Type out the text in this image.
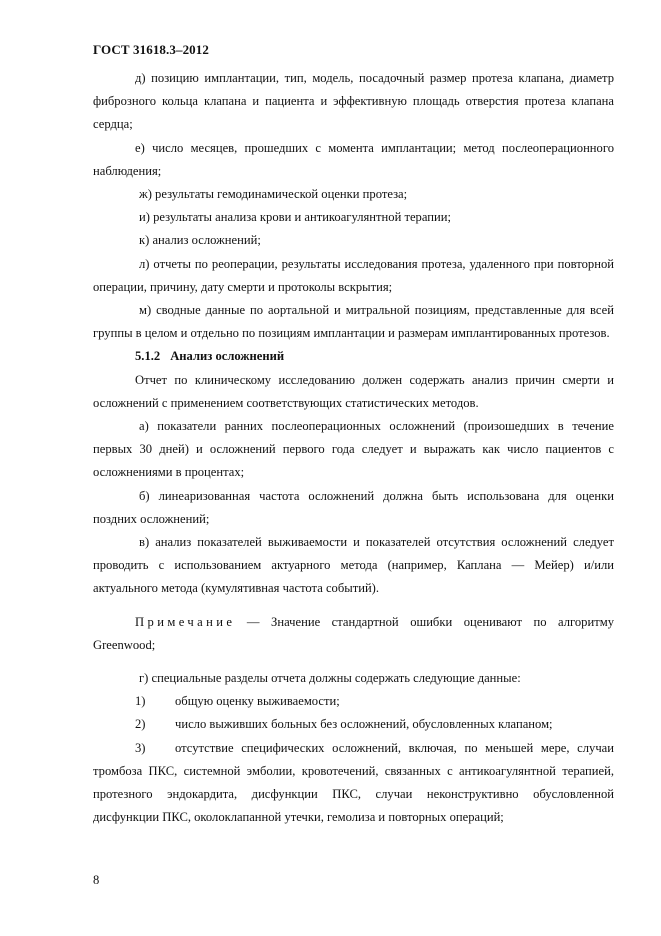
ГОСТ 31618.3–2012

д) позицию имплантации, тип, модель, посадочный размер протеза клапана, диаметр фиброзного кольца клапана и пациента и эффективную площадь отверстия протеза клапана сердца;

е) число месяцев, прошедших с момента имплантации; метод послеоперационного наблюдения;

ж) результаты гемодинамической оценки протеза;

и) результаты анализа крови и антикоагулянтной терапии;

к) анализ осложнений;

л) отчеты по реоперации, результаты исследования протеза, удаленного при повторной операции, причину, дату смерти и протоколы вскрытия;

м) сводные данные по аортальной и митральной позициям, представленные для всей группы в целом и отдельно по позициям имплантации и размерам имплантированных протезов.

5.1.2 Анализ осложнений

Отчет по клиническому исследованию должен содержать анализ причин смерти и осложнений с применением соответствующих статистических методов.

а) показатели ранних послеоперационных осложнений (произошедших в течение первых 30 дней) и осложнений первого года следует и выражать как число пациентов с осложнениями в процентах;

б) линеаризованная частота осложнений должна быть использована для оценки поздних осложнений;

в) анализ показателей выживаемости и показателей отсутствия осложнений следует проводить с использованием актуарного метода (например, Каплана — Мейер) и/или актуального метода (кумулятивная частота событий).

Примечание — Значение стандартной ошибки оценивают по алгоритму Greenwood;

г) специальные разделы отчета должны содержать следующие данные:

1) общую оценку выживаемости;
2) число выживших больных без осложнений, обусловленных клапаном;
3) отсутствие специфических осложнений, включая, по меньшей мере, случаи тромбоза ПКС, системной эмболии, кровотечений, связанных с антикоагулянтной терапией, протезного эндокардита, дисфункции ПКС, случаи неконструктивно обусловленной дисфункции ПКС, околоклапанной утечки, гемолиза и повторных операций;
8
